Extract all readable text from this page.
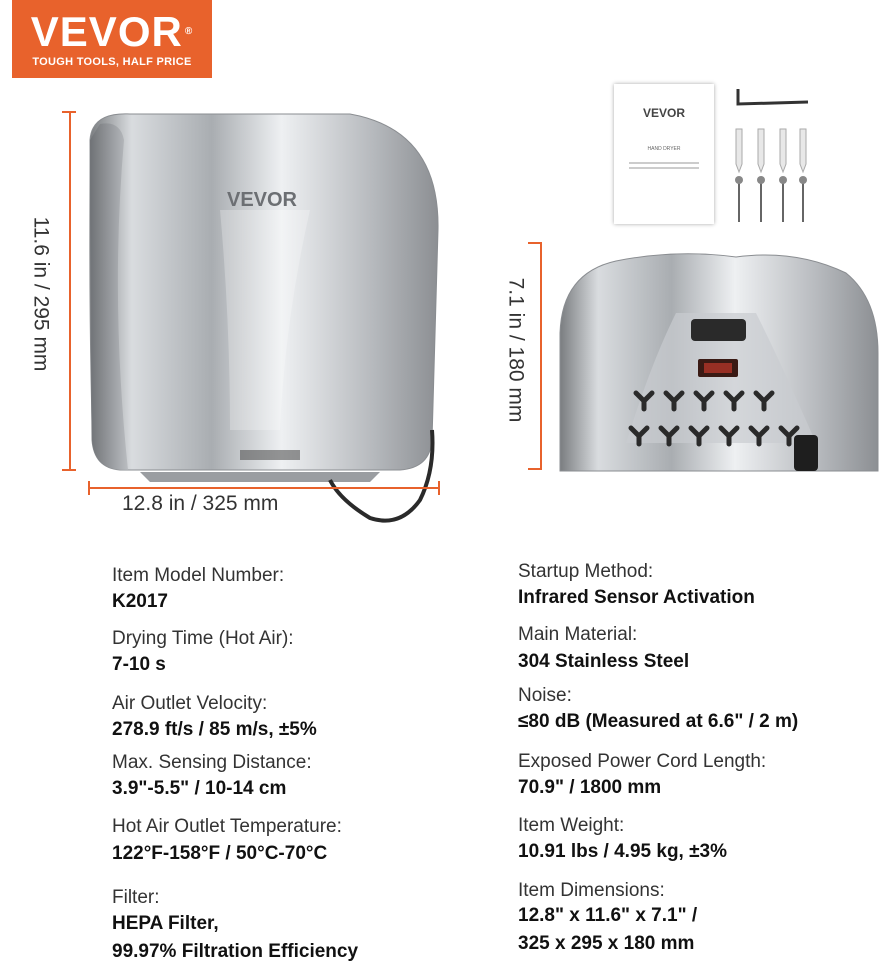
VEVOR ®
TOUGH TOOLS, HALF PRICE
VEVOR
11.6 in / 295 mm
12.8 in / 325 mm
VEVOR
HAND DRYER
7.1 in / 180 mm
Item Model Number:
K2017
Drying Time (Hot Air):
7-10 s
Air Outlet Velocity:
278.9 ft/s / 85 m/s, ±5%
Max. Sensing Distance:
3.9"-5.5" / 10-14 cm
Hot Air Outlet Temperature:
122°F-158°F / 50°C-70°C
Filter:
HEPA Filter,
99.97% Filtration Efficiency
Startup Method:
Infrared Sensor Activation
Main Material:
304 Stainless Steel
Noise:
≤80 dB (Measured at 6.6" / 2 m)
Exposed Power Cord Length:
70.9" / 1800 mm
Item Weight:
10.91 lbs / 4.95 kg, ±3%
Item Dimensions:
12.8" x 11.6" x 7.1" /
325 x 295 x 180 mm
